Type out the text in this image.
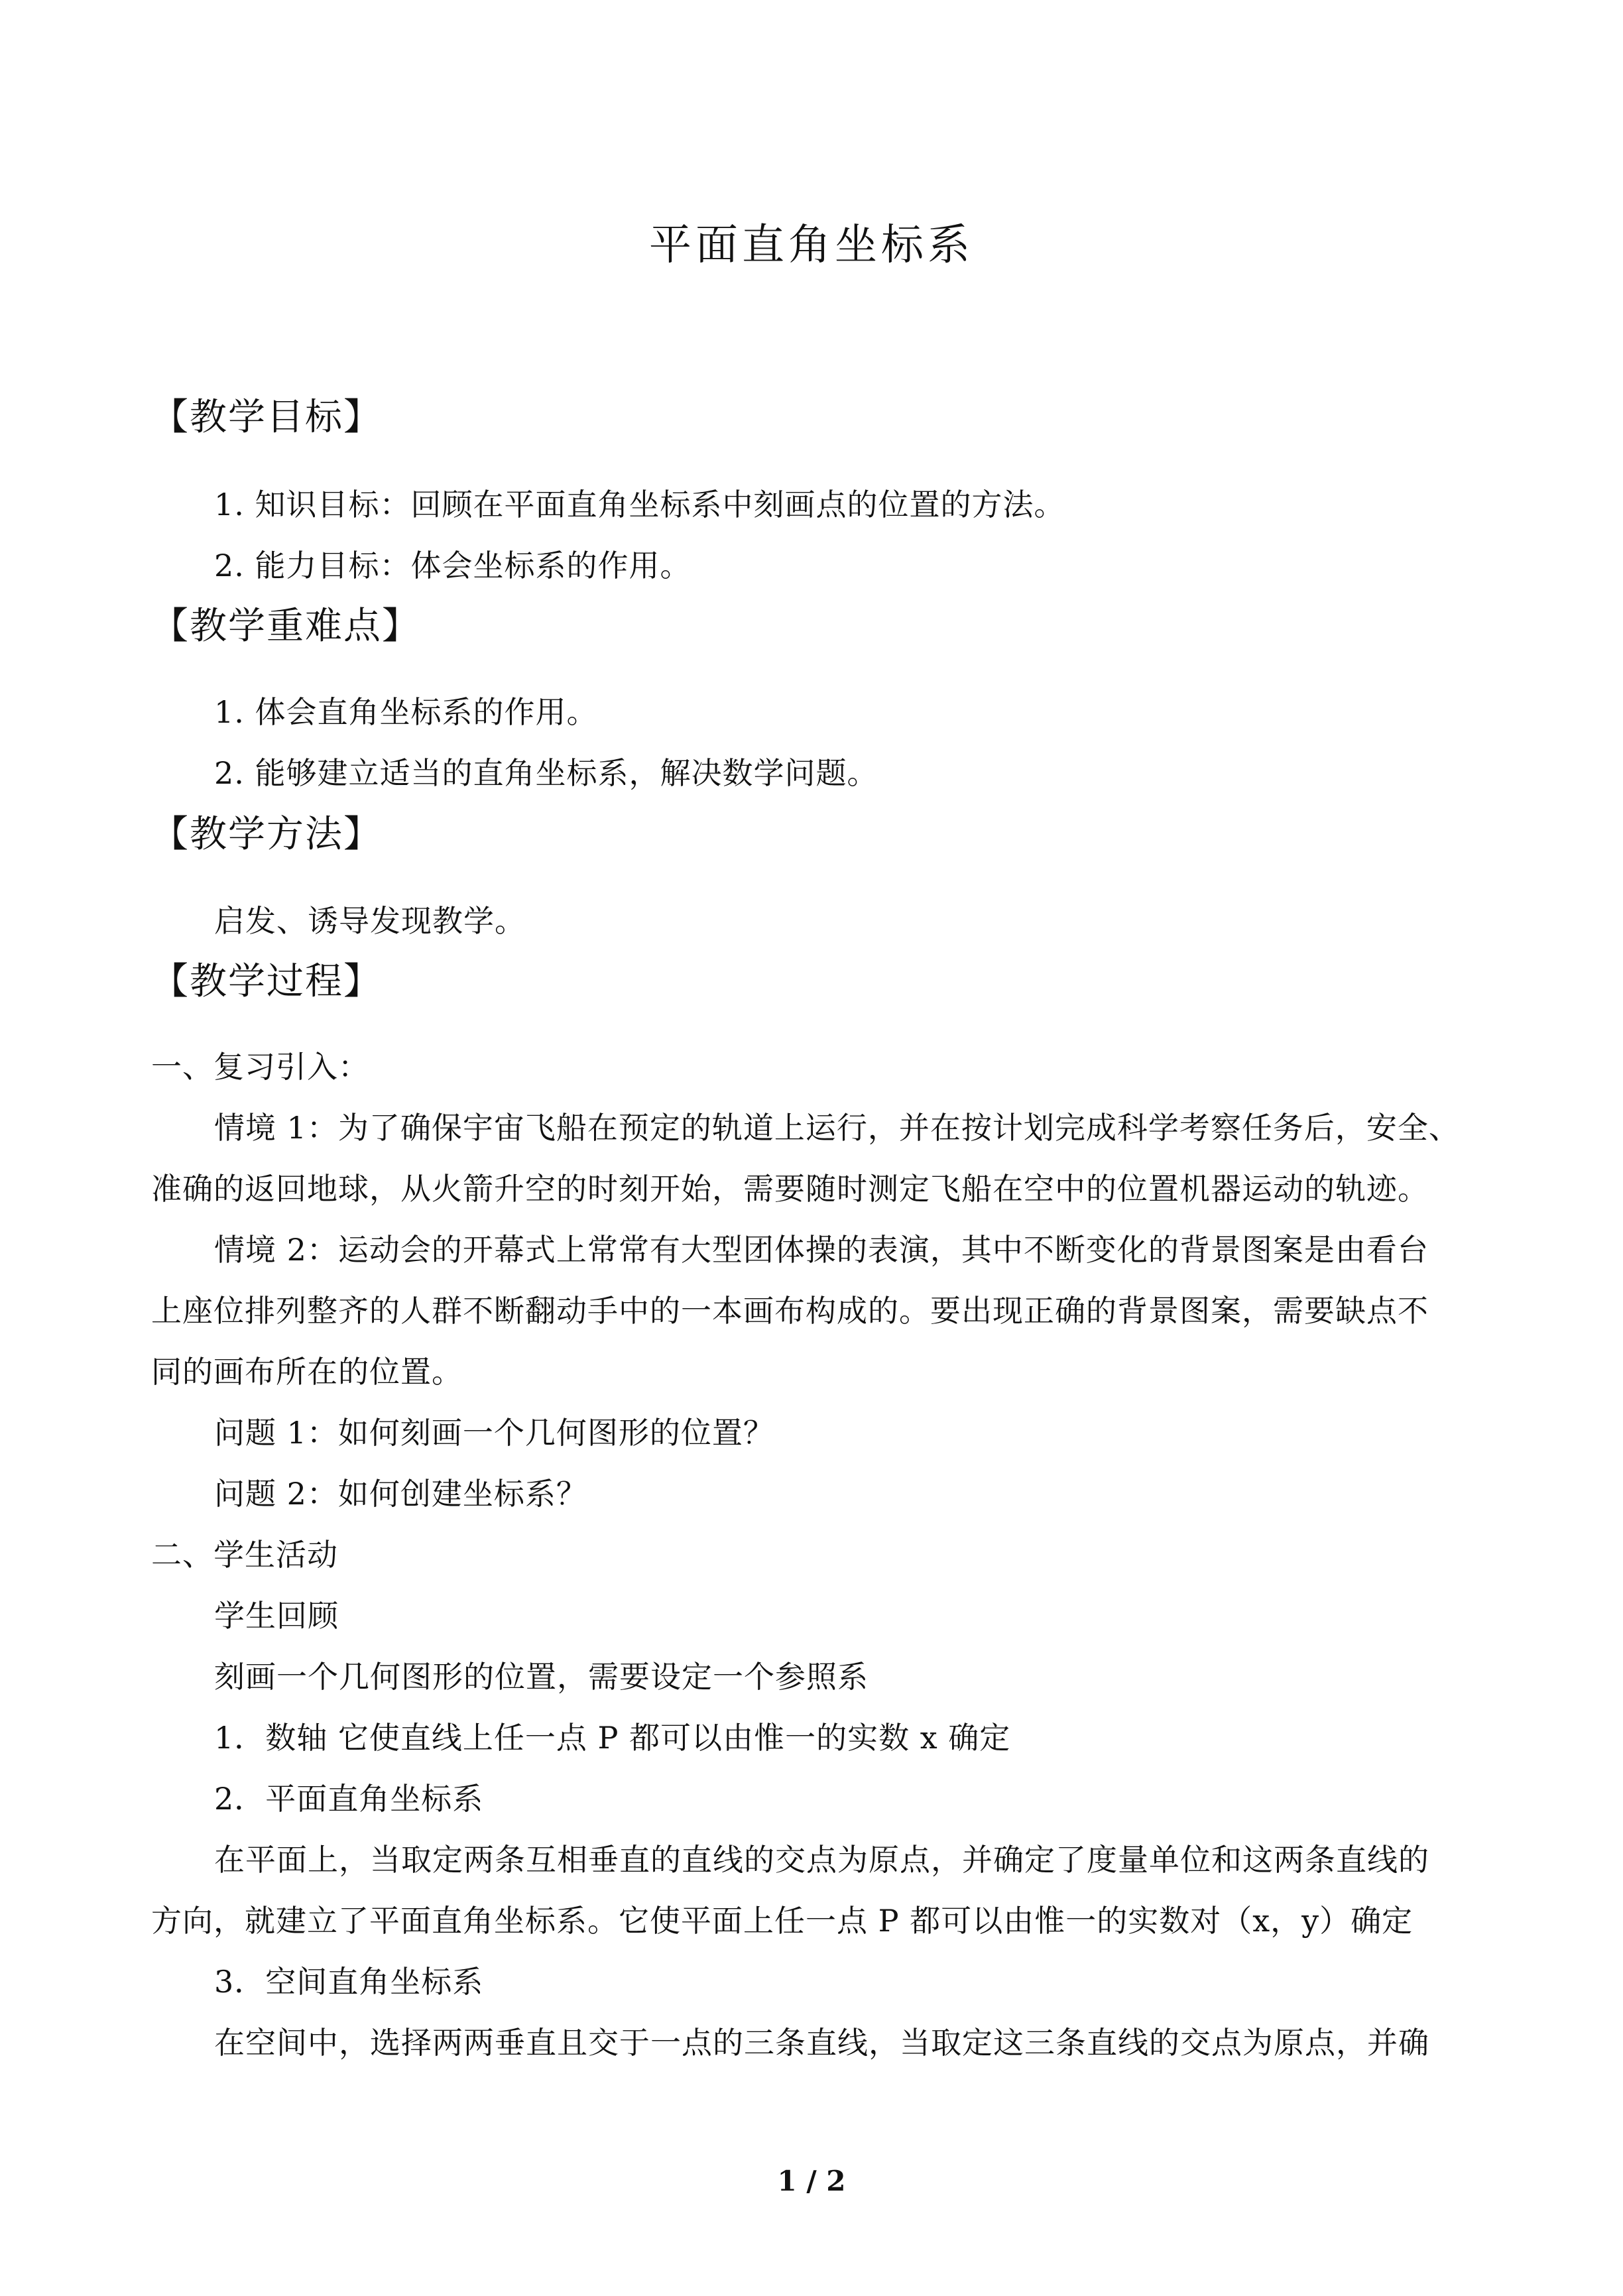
平面直角坐标系
【教学目标】
1. 知识目标：回顾在平面直角坐标系中刻画点的位置的方法。
2. 能力目标：体会坐标系的作用。
【教学重难点】
1. 体会直角坐标系的作用。
2. 能够建立适当的直角坐标系，解决数学问题。
【教学方法】
启发、诱导发现教学。
【教学过程】
一、复习引入：
情境 1：为了确保宇宙飞船在预定的轨道上运行，并在按计划完成科学考察任务后，安全、
准确的返回地球，从火箭升空的时刻开始，需要随时测定飞船在空中的位置机器运动的轨迹。
情境 2：运动会的开幕式上常常有大型团体操的表演，其中不断变化的背景图案是由看台
上座位排列整齐的人群不断翻动手中的一本画布构成的。要出现正确的背景图案，需要缺点不
同的画布所在的位置。
问题 1：如何刻画一个几何图形的位置？
问题 2：如何创建坐标系？
二、学生活动
学生回顾
刻画一个几何图形的位置，需要设定一个参照系
1．数轴 它使直线上任一点 P 都可以由惟一的实数 x 确定
2．平面直角坐标系
在平面上，当取定两条互相垂直的直线的交点为原点，并确定了度量单位和这两条直线的
方向，就建立了平面直角坐标系。它使平面上任一点 P 都可以由惟一的实数对（x，y）确定
3．空间直角坐标系
在空间中，选择两两垂直且交于一点的三条直线，当取定这三条直线的交点为原点，并确
1 / 2
